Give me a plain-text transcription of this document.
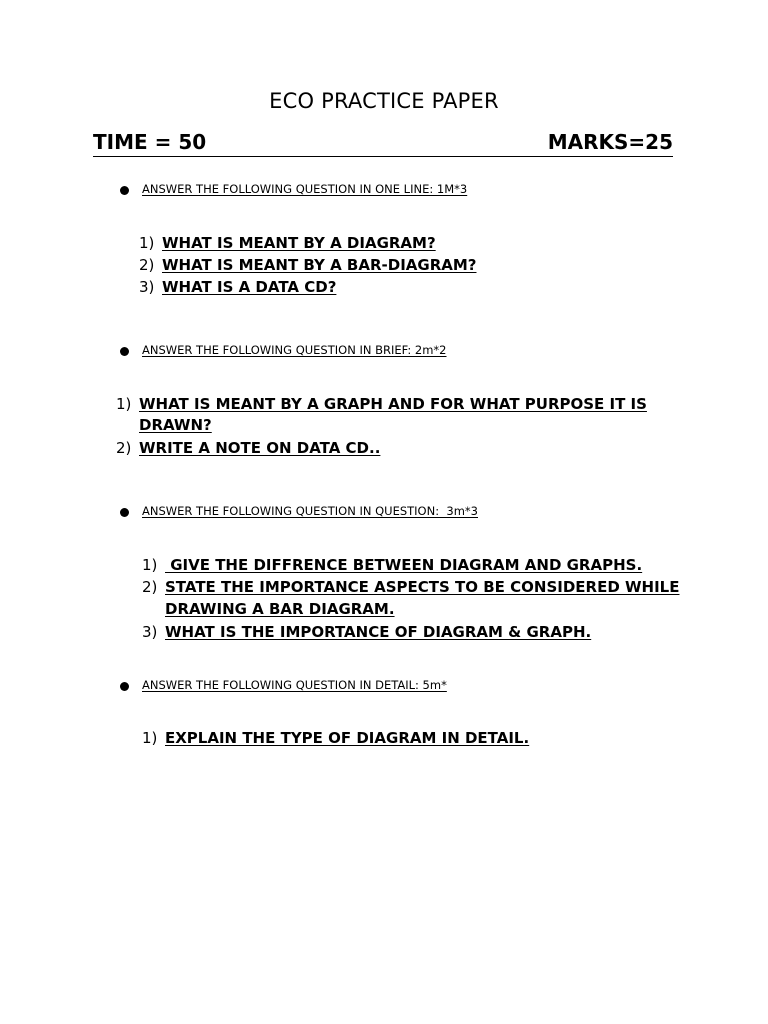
ECO PRACTICE PAPER
TIME = 50	MARKS=25
ANSWER THE FOLLOWING QUESTION IN ONE LINE: 1M*3
1) WHAT IS MEANT BY A DIAGRAM?
2) WHAT IS MEANT BY A BAR-DIAGRAM?
3) WHAT IS A DATA CD?
ANSWER THE FOLLOWING QUESTION IN BRIEF: 2m*2
1) WHAT IS MEANT BY A GRAPH AND FOR WHAT PURPOSE IT IS
DRAWN?
2) WRITE A NOTE ON DATA CD..
ANSWER THE FOLLOWING QUESTION IN QUESTION:  3m*3
1) GIVE THE DIFFRENCE BETWEEN DIAGRAM AND GRAPHS.
2) STATE THE IMPORTANCE ASPECTS TO BE CONSIDERED WHILE
DRAWING A BAR DIAGRAM.
3) WHAT IS THE IMPORTANCE OF DIAGRAM & GRAPH.
ANSWER THE FOLLOWING QUESTION IN DETAIL: 5m*
1) EXPLAIN THE TYPE OF DIAGRAM IN DETAIL.
